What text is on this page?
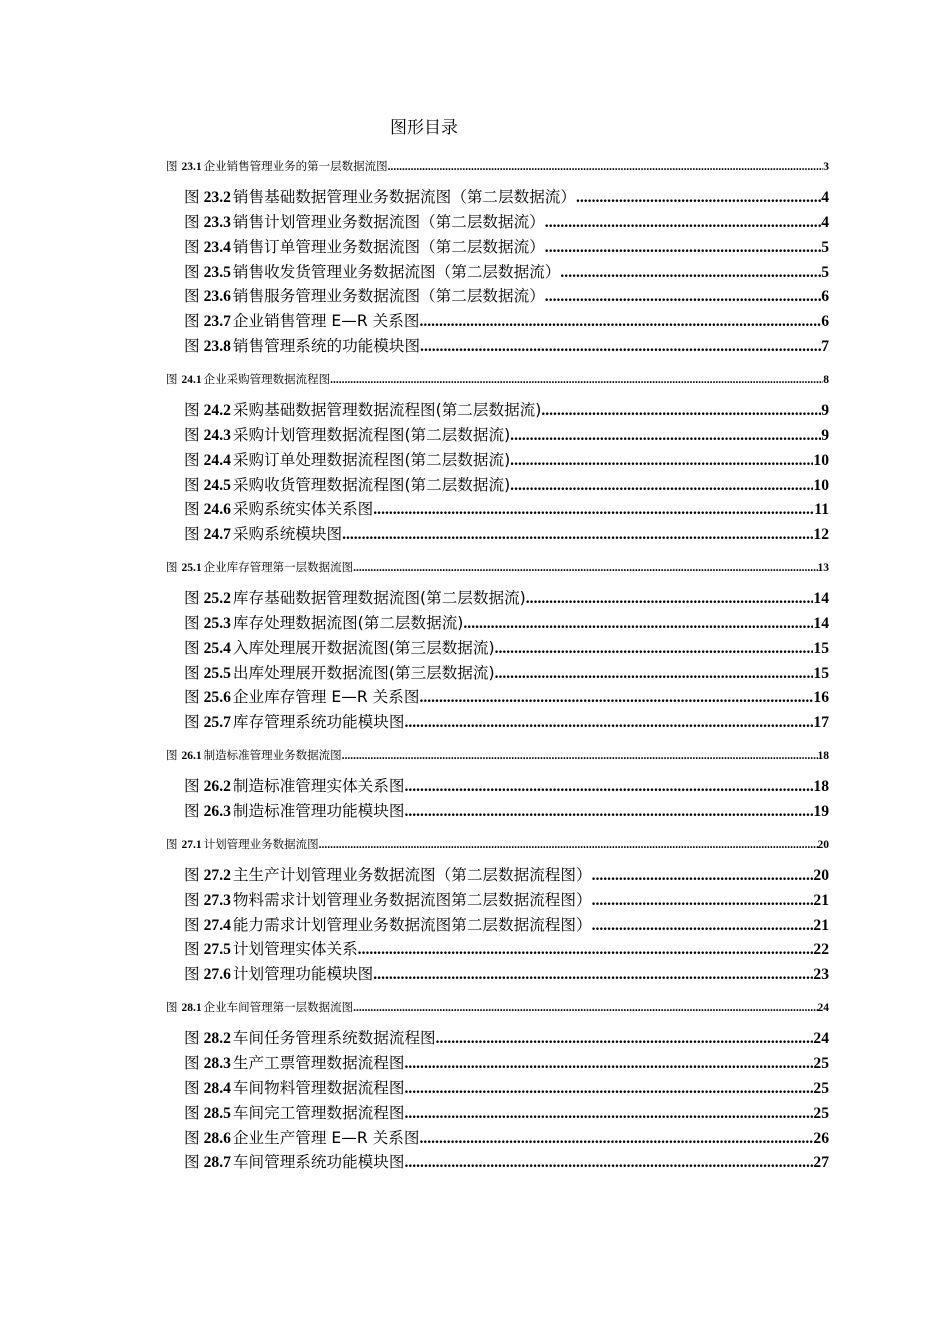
图形目录
图 23.1 企业销售管理业务的第一层数据流图 .....	3
图 23.2 销售基础数据管理业务数据流图（第二层数据流） .....	4
图 23.3 销售计划管理业务数据流图（第二层数据流） .....	4
图 23.4 销售订单管理业务数据流图（第二层数据流） .....	5
图 23.5 销售收发货管理业务数据流图（第二层数据流） .....	5
图 23.6 销售服务管理业务数据流图（第二层数据流） .....	6
图 23.7 企业销售管理 E—R 关系图 .....	6
图 23.8 销售管理系统的功能模块图 .....	7
图 24.1 企业采购管理数据流程图 .....	8
图 24.2 采购基础数据管理数据流程图(第二层数据流) .....	9
图 24.3 采购计划管理数据流程图(第二层数据流) .....	9
图 24.4 采购订单处理数据流程图(第二层数据流) .....	10
图 24.5 采购收货管理数据流程图(第二层数据流) .....	10
图 24.6 采购系统实体关系图 .....	11
图 24.7 采购系统模块图 .....	12
图 25.1 企业库存管理第一层数据流图 .....	13
图 25.2 库存基础数据管理数据流图(第二层数据流) .....	14
图 25.3 库存处理数据流图(第二层数据流) .....	14
图 25.4 入库处理展开数据流图(第三层数据流) .....	15
图 25.5 出库处理展开数据流图(第三层数据流) .....	15
图 25.6 企业库存管理 E—R 关系图 .....	16
图 25.7 库存管理系统功能模块图 .....	17
图 26.1 制造标准管理业务数据流图 .....	18
图 26.2 制造标准管理实体关系图 .....	18
图 26.3 制造标准管理功能模块图 .....	19
图 27.1 计划管理业务数据流图 .....	20
图 27.2 主生产计划管理业务数据流图（第二层数据流程图） .....	20
图 27.3 物料需求计划管理业务数据流图第二层数据流程图） .....	21
图 27.4 能力需求计划管理业务数据流图第二层数据流程图） .....	21
图 27.5 计划管理实体关系 .....	22
图 27.6 计划管理功能模块图 .....	23
图 28.1 企业车间管理第一层数据流图 .....	24
图 28.2 车间任务管理系统数据流程图 .....	24
图 28.3 生产工票管理数据流程图 .....	25
图 28.4 车间物料管理数据流程图 .....	25
图 28.5 车间完工管理数据流程图 .....	25
图 28.6 企业生产管理 E—R 关系图 .....	26
图 28.7 车间管理系统功能模块图 .....	27
